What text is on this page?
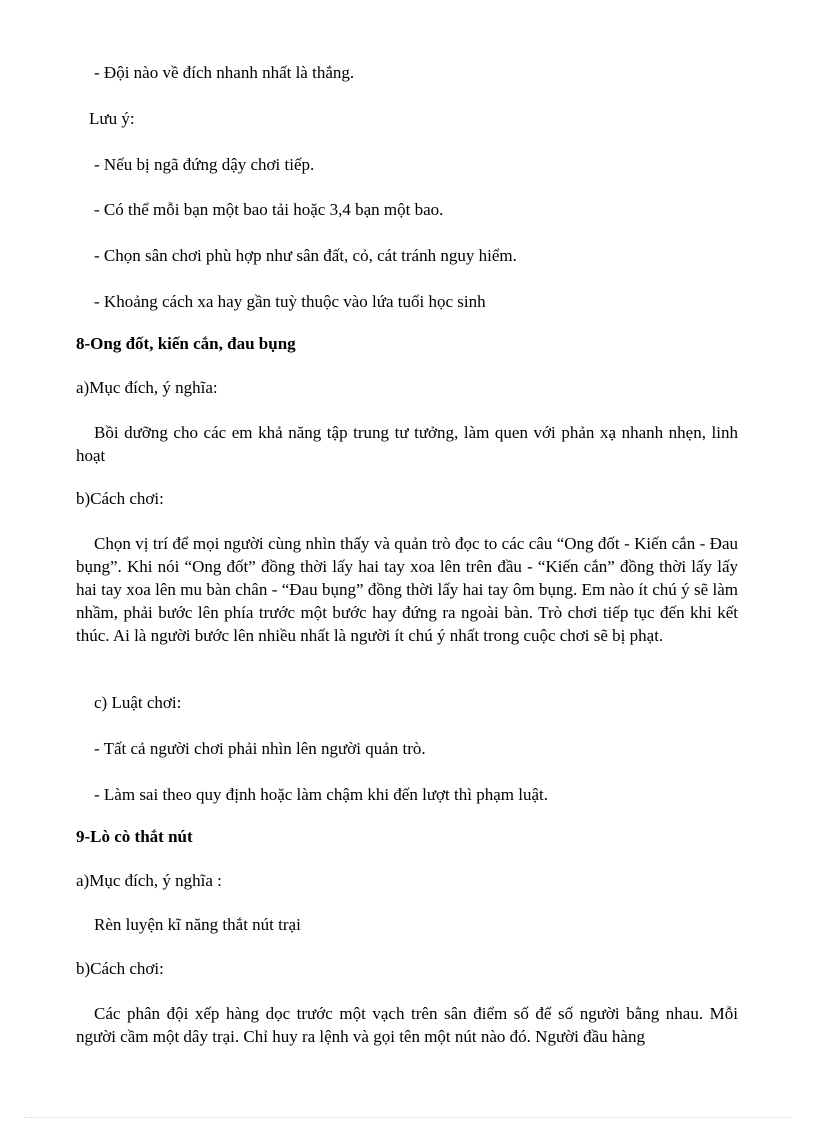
- Đội nào về đích nhanh nhất là thắng.
Lưu ý:
- Nếu bị ngã đứng dậy chơi tiếp.
- Có thể mỗi bạn một bao tải hoặc 3,4 bạn một bao.
- Chọn sân chơi phù hợp như sân đất, cỏ, cát tránh nguy hiểm.
- Khoảng cách xa hay gần tuỳ thuộc vào lứa tuổi học sinh
8-Ong đốt, kiến cắn, đau bụng
a)Mục đích, ý nghĩa:

Bồi dưỡng cho các em khả năng tập trung tư tưởng, làm quen với phản xạ nhanh nhẹn, linh hoạt

b)Cách chơi:

Chọn vị trí để mọi người cùng nhìn thấy và quản trò đọc to các câu “Ong đốt - Kiến cắn - Đau bụng”. Khi nói “Ong đốt” đồng thời lấy hai tay xoa lên trên đầu - “Kiến cắn” đồng thời lấy lấy hai tay xoa lên mu bàn chân - “Đau bụng” đồng thời lấy hai tay ôm bụng. Em nào ít chú ý sẽ làm nhầm, phải bước lên phía trước một bước hay đứng ra ngoài bàn. Trò chơi tiếp tục đến khi kết thúc. Ai là người bước lên nhiều nhất là người ít chú ý nhất trong cuộc chơi sẽ bị phạt.

c) Luật chơi:
- Tất cả người chơi phải nhìn lên người quản trò.
- Làm sai theo quy định hoặc làm chậm khi đến lượt thì phạm luật.
9-Lò cò thắt nút
a)Mục đích, ý nghĩa :
Rèn luyện kĩ năng thắt nút trại
b)Cách chơi:

Các phân đội xếp hàng dọc trước một vạch trên sân điểm số để số người bằng nhau. Mỗi người cầm một dây trại. Chỉ huy ra lệnh và gọi tên một nút nào đó. Người đầu hàng
